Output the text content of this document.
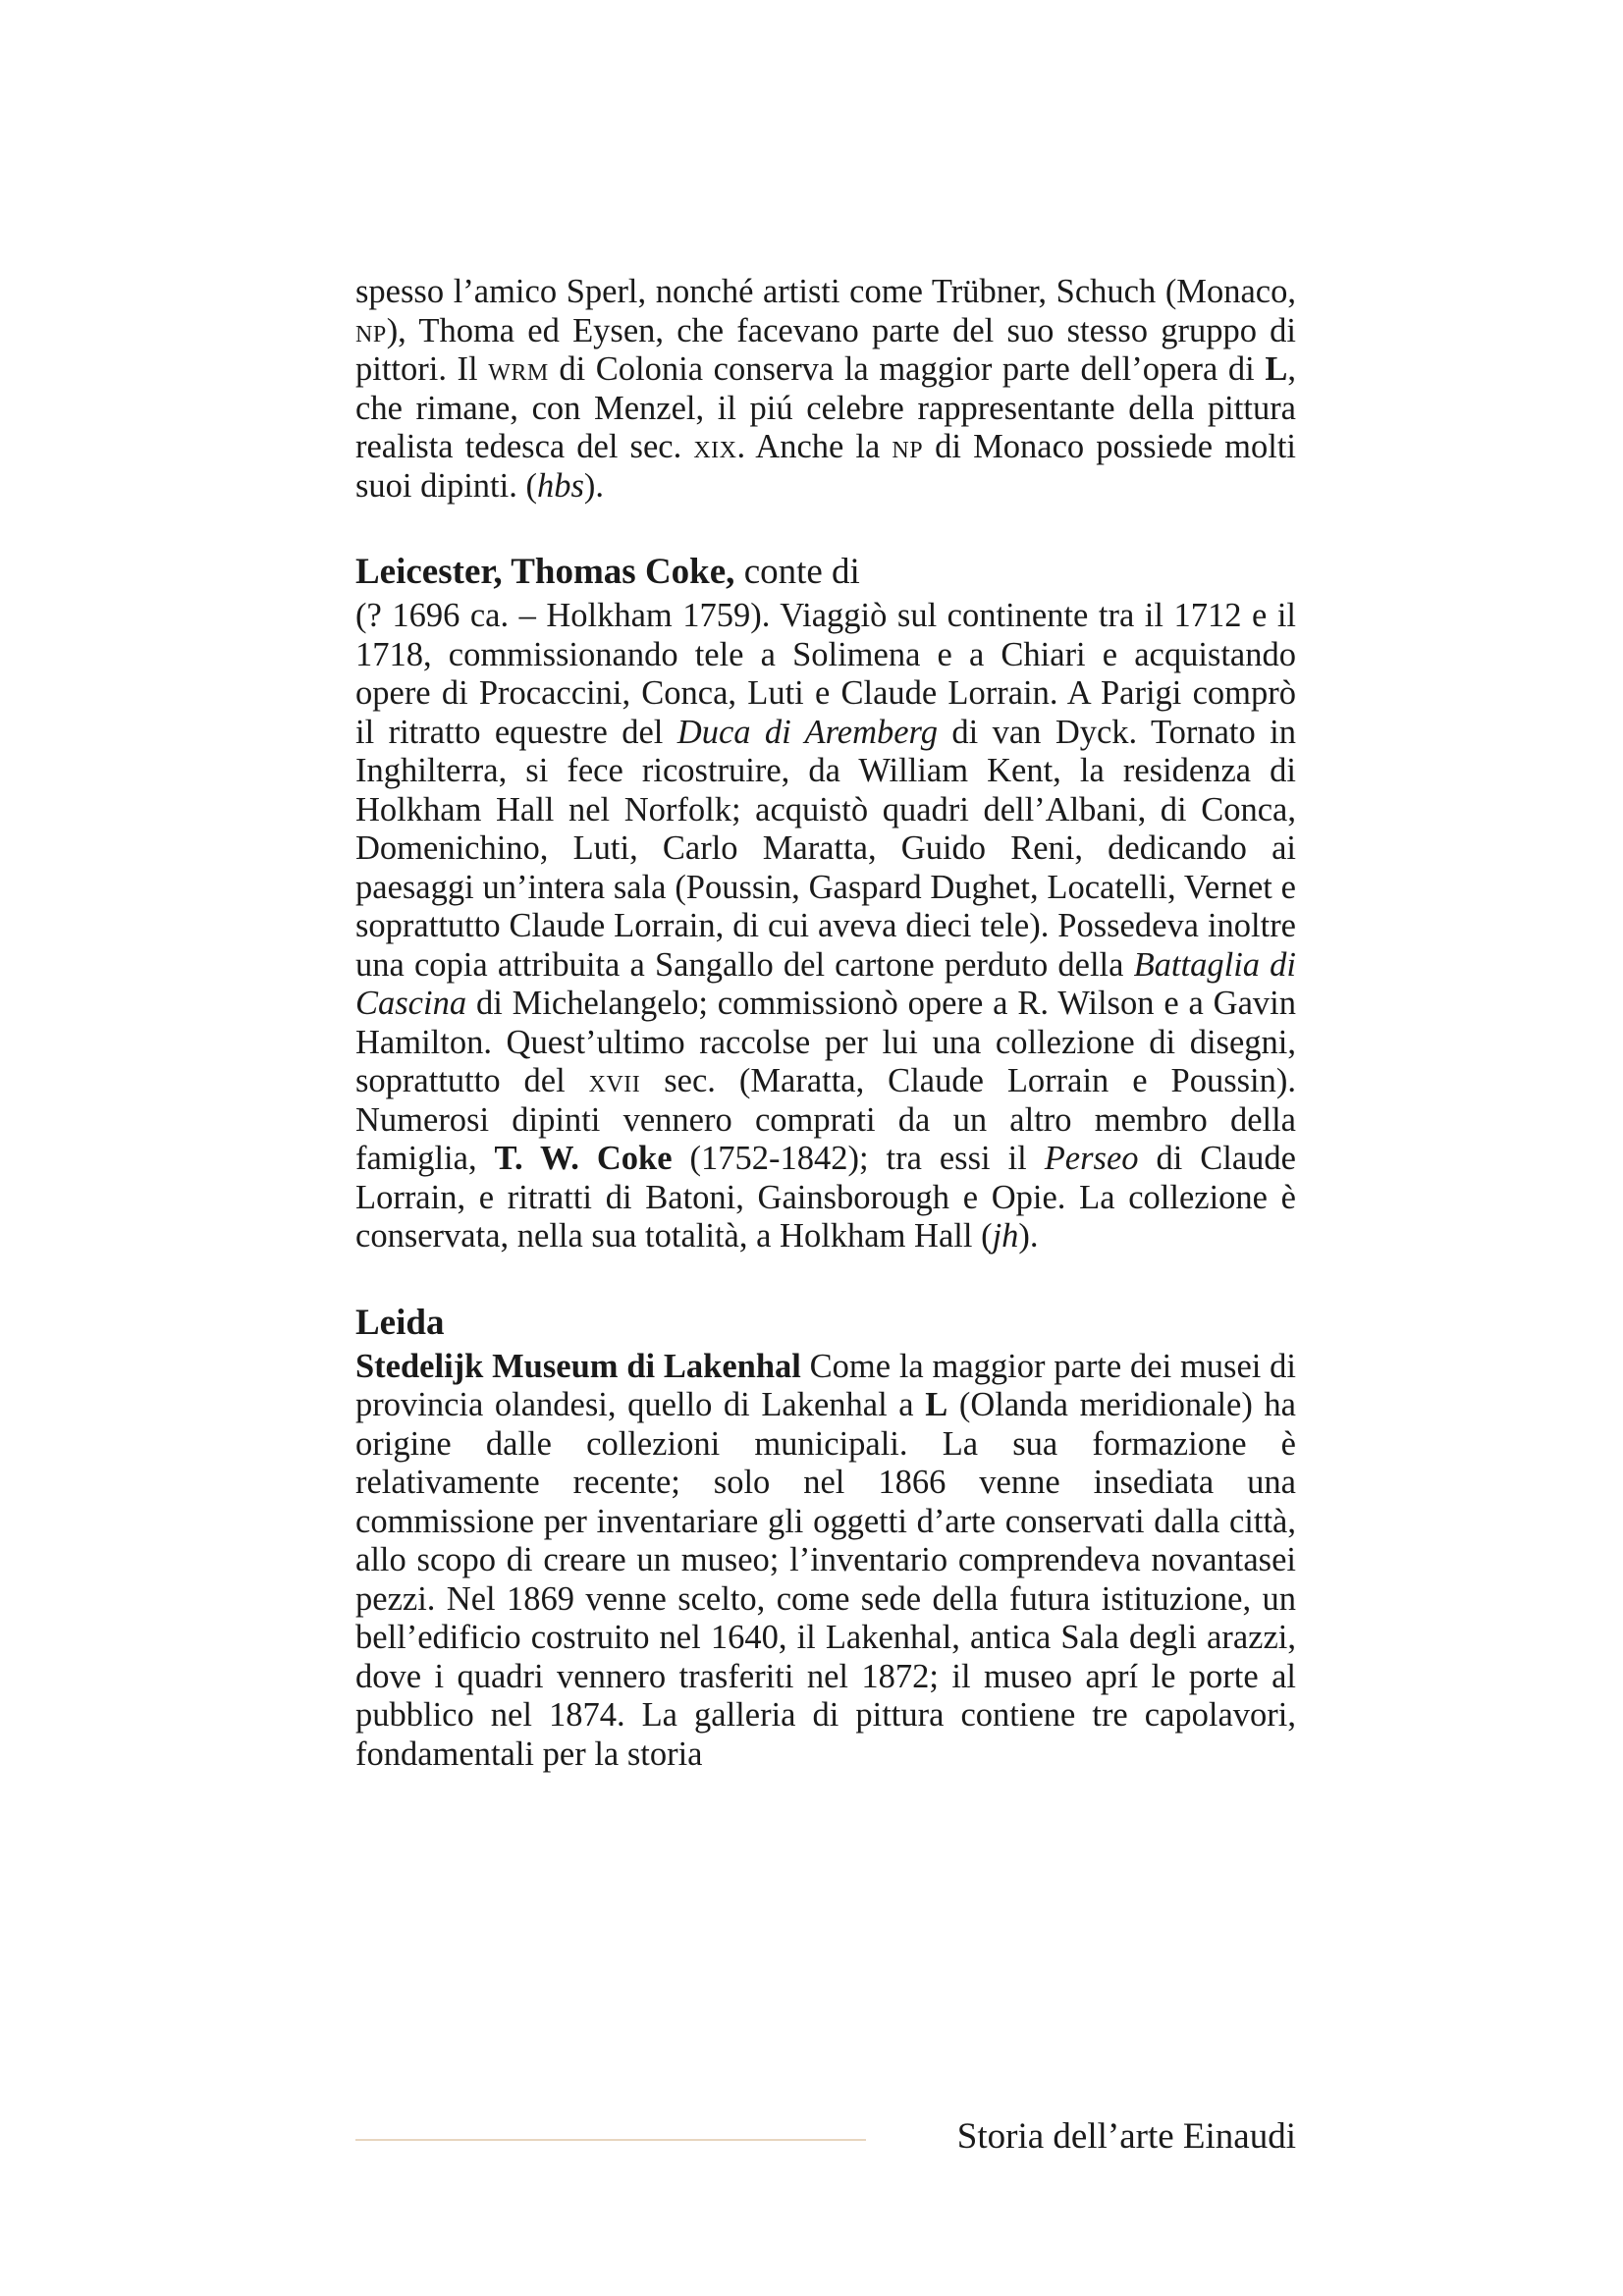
spesso l’amico Sperl, nonché artisti come Trübner, Schuch (Monaco, np), Thoma ed Eysen, che facevano parte del suo stesso gruppo di pittori. Il wrm di Colonia conserva la maggior parte dell’opera di L, che rimane, con Menzel, il piú celebre rappresentante della pittura realista tedesca del sec. xix. Anche la np di Monaco possiede molti suoi dipinti. (hbs).

Leicester, Thomas Coke, conte di

(? 1696 ca. – Holkham 1759). Viaggiò sul continente tra il 1712 e il 1718, commissionando tele a Solimena e a Chiari e acquistando opere di Procaccini, Conca, Luti e Claude Lorrain. A Parigi comprò il ritratto equestre del Duca di Aremberg di van Dyck. Tornato in Inghilterra, si fece ricostruire, da William Kent, la residenza di Holkham Hall nel Norfolk; acquistò quadri dell’Albani, di Conca, Domenichino, Luti, Carlo Maratta, Guido Reni, dedicando ai paesaggi un’intera sala (Poussin, Gaspard Dughet, Locatelli, Vernet e soprattutto Claude Lorrain, di cui aveva dieci tele). Possedeva inoltre una copia attribuita a Sangallo del cartone perduto della Battaglia di Cascina di Michelangelo; commissionò opere a R. Wilson e a Gavin Hamilton. Quest’ultimo raccolse per lui una collezione di disegni, soprattutto del xvii sec. (Maratta, Claude Lorrain e Poussin). Numerosi dipinti vennero comprati da un altro membro della famiglia, T. W. Coke (1752-1842); tra essi il Perseo di Claude Lorrain, e ritratti di Batoni, Gainsborough e Opie. La collezione è conservata, nella sua totalità, a Holkham Hall (jh).

Leida

Stedelijk Museum di Lakenhal Come la maggior parte dei musei di provincia olandesi, quello di Lakenhal a L (Olanda meridionale) ha origine dalle collezioni municipali. La sua formazione è relativamente recente; solo nel 1866 venne insediata una commissione per inventariare gli oggetti d’arte conservati dalla città, allo scopo di creare un museo; l’inventario comprendeva novantasei pezzi. Nel 1869 venne scelto, come sede della futura istituzione, un bell’edificio costruito nel 1640, il Lakenhal, antica Sala degli arazzi, dove i quadri vennero trasferiti nel 1872; il museo aprí le porte al pubblico nel 1874. La galleria di pittura contiene tre capolavori, fondamentali per la storia

Storia dell’arte Einaudi
